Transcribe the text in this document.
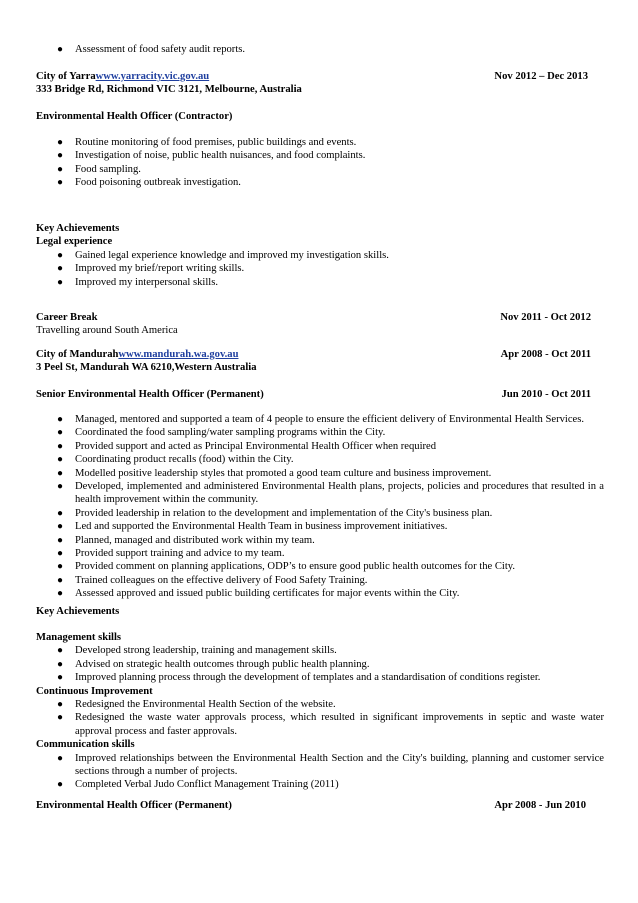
● Assessment of food safety audit reports.
City of Yarrawww.yarracity.vic.gov.au	Nov 2012 – Dec 2013
333 Bridge Rd, Richmond VIC 3121, Melbourne, Australia
Environmental Health Officer (Contractor)
● Routine monitoring of food premises, public buildings and events.
● Investigation of noise, public health nuisances, and food complaints.
● Food sampling.
● Food poisoning outbreak investigation.
Key Achievements
Legal experience
● Gained legal experience knowledge and improved my investigation skills.
● Improved my brief/report writing skills.
● Improved my interpersonal skills.
Career Break	Nov 2011 - Oct 2012
Travelling around South America
City of Mandurahwww.mandurah.wa.gov.au	Apr 2008 - Oct 2011
3 Peel St, Mandurah WA 6210,Western Australia
Senior Environmental Health Officer (Permanent)	Jun 2010 - Oct 2011
● Managed, mentored and supported a team of 4 people to ensure the efficient delivery of Environmental Health Services.
● Coordinated the food sampling/water sampling programs within the City.
● Provided support and acted as Principal Environmental Health Officer when required
● Coordinating product recalls (food) within the City.
● Modelled positive leadership styles that promoted a good team culture and business improvement.
● Developed, implemented and administered Environmental Health plans, projects, policies and procedures that resulted in a health improvement within the community.
● Provided leadership in relation to the development and implementation of the City's business plan.
● Led and supported the Environmental Health Team in business improvement initiatives.
● Planned, managed and distributed work within my team.
● Provided support training and advice to my team.
● Provided comment on planning applications, ODP’s to ensure good public health outcomes for the City.
● Trained colleagues on the effective delivery of Food Safety Training.
● Assessed approved and issued public building certificates for major events within the City.
Key Achievements
Management skills
● Developed strong leadership, training and management skills.
● Advised on strategic health outcomes through public health planning.
● Improved planning process through the development of templates and a standardisation of conditions register.
Continuous Improvement
● Redesigned the Environmental Health Section of the website.
● Redesigned the waste water approvals process, which resulted in significant improvements in septic and waste water approval process and faster approvals.
Communication skills
● Improved relationships between the Environmental Health Section and the City's building, planning and customer service sections through a number of projects.
● Completed Verbal Judo Conflict Management Training (2011)
Environmental Health Officer (Permanent)	Apr 2008 - Jun 2010
